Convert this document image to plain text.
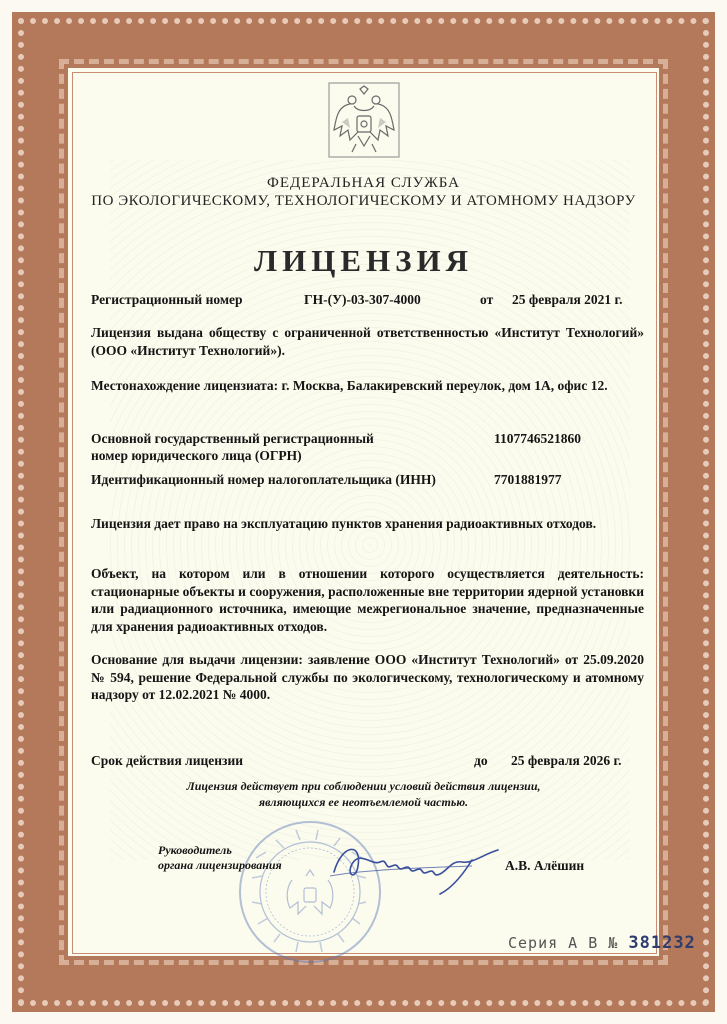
ФЕДЕРАЛЬНАЯ СЛУЖБА
ПО ЭКОЛОГИЧЕСКОМУ, ТЕХНОЛОГИЧЕСКОМУ И АТОМНОМУ НАДЗОРУ
ЛИЦЕНЗИЯ
Регистрационный номер	ГН-(У)-03-307-4000	от 25 февраля 2021 г.
Лицензия выдана обществу с ограниченной ответственностью «Институт Технологий» (ООО «Институт Технологий»).
Местонахождение лицензиата: г. Москва, Балакиревский переулок, дом 1А, офис 12.
Основной государственный регистрационный
номер юридического лица (ОГРН)
1107746521860
Идентификационный номер налогоплательщика (ИНН)	7701881977
Лицензия дает право на эксплуатацию пунктов хранения радиоактивных отходов.
Объект, на котором или в отношении которого осуществляется деятельность: стационарные объекты и сооружения, расположенные вне территории ядерной установки или радиационного источника, имеющие межрегиональное значение, предназначенные для хранения радиоактивных отходов.
Основание для выдачи лицензии: заявление ООО «Институт Технологий» от 25.09.2020 № 594, решение Федеральной службы по экологическому, технологическому и атомному надзору от 12.02.2021 № 4000.
Срок действия лицензии	до 25 февраля 2026 г.
Лицензия действует при соблюдении условий действия лицензии,
являющихся ее неотъемлемой частью.
Руководитель
органа лицензирования	А.В. Алёшин
Серия А В № 381232
